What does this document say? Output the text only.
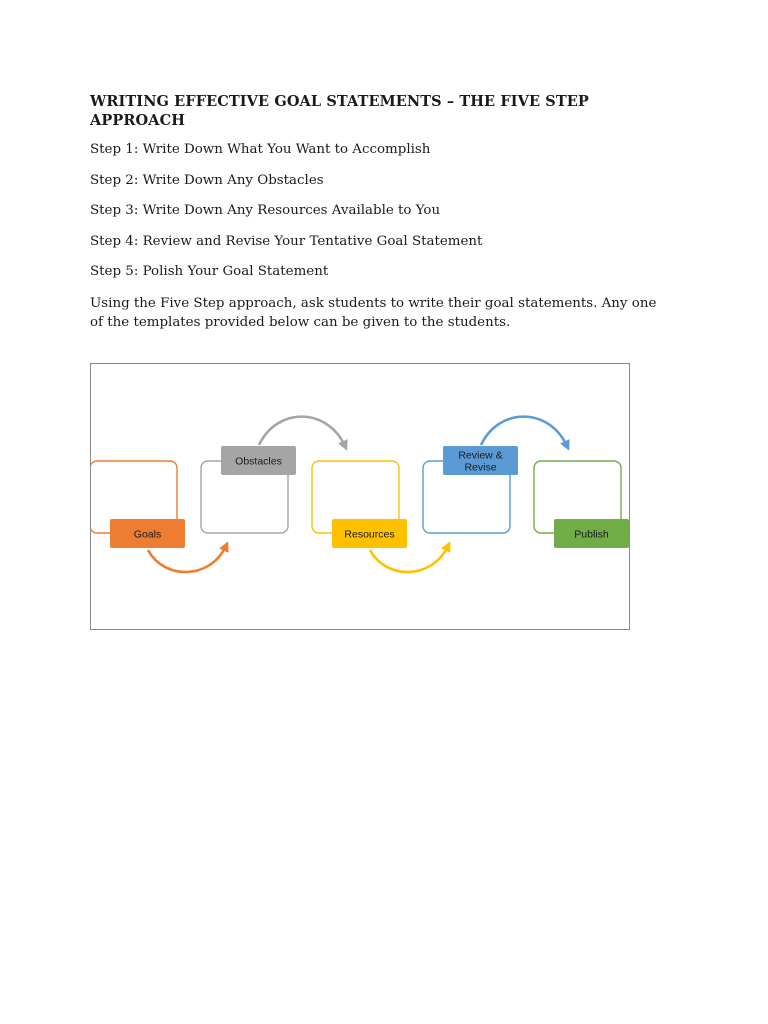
WRITING EFFECTIVE GOAL STATEMENTS – THE FIVE STEP APPROACH
Step 1: Write Down What You Want to Accomplish
Step 2: Write Down Any Obstacles
Step 3: Write Down Any Resources Available to You
Step 4: Review and Revise Your Tentative Goal Statement
Step 5: Polish Your Goal Statement
Using the Five Step approach, ask students to write their goal statements. Any one of the templates provided below can be given to the students.
Goals
Obstacles
Resources
Review & Revise
Publish
